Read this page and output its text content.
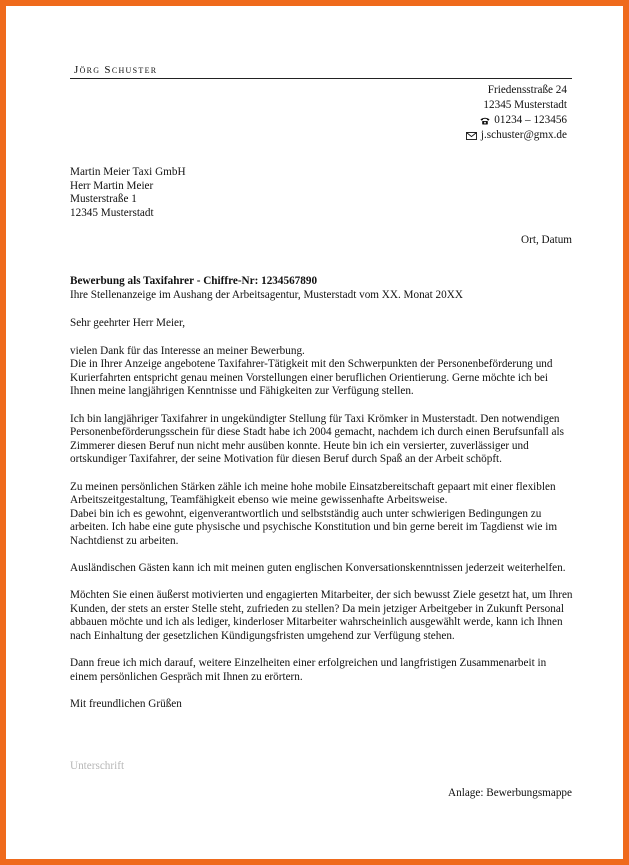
Jörg Schuster
Friedensstraße 24
12345 Musterstadt
01234 – 123456
j.schuster@gmx.de
Martin Meier Taxi GmbH
Herr Martin Meier
Musterstraße 1
12345 Musterstadt
Ort, Datum
Bewerbung als Taxifahrer - Chiffre-Nr: 1234567890
Ihre Stellenanzeige im Aushang der Arbeitsagentur, Musterstadt vom XX. Monat 20XX

Sehr geehrter Herr Meier,

vielen Dank für das Interesse an meiner Bewerbung.
Die in Ihrer Anzeige angebotene Taxifahrer-Tätigkeit mit den Schwerpunkten der Personenbeförderung und Kurierfahrten entspricht genau meinen Vorstellungen einer beruflichen Orientierung. Gerne möchte ich bei Ihnen meine langjährigen Kenntnisse und Fähigkeiten zur Verfügung stellen.

Ich bin langjähriger Taxifahrer in ungekündigter Stellung für Taxi Krömker in Musterstadt. Den notwendigen Personenbeförderungsschein für diese Stadt habe ich 2004 gemacht, nachdem ich durch einen Berufsunfall als Zimmerer diesen Beruf nun nicht mehr ausüben konnte. Heute bin ich ein versierter, zuverlässiger und ortskundiger Taxifahrer, der seine Motivation für diesen Beruf durch Spaß an der Arbeit schöpft.

Zu meinen persönlichen Stärken zähle ich meine hohe mobile Einsatzbereitschaft gepaart mit einer flexiblen Arbeitszeitgestaltung, Teamfähigkeit ebenso wie meine gewissenhafte Arbeitsweise.
Dabei bin ich es gewohnt, eigenverantwortlich und selbstständig auch unter schwierigen Bedingungen zu arbeiten. Ich habe eine gute physische und psychische Konstitution und bin gerne bereit im Tagdienst wie im Nachtdienst zu arbeiten.

Ausländischen Gästen kann ich mit meinen guten englischen Konversationskenntnissen jederzeit weiterhelfen.

Möchten Sie einen äußerst motivierten und engagierten Mitarbeiter, der sich bewusst Ziele gesetzt hat, um Ihren Kunden, der stets an erster Stelle steht, zufrieden zu stellen? Da mein jetziger Arbeitgeber in Zukunft Personal abbauen möchte und ich als lediger, kinderloser Mitarbeiter wahrscheinlich ausgewählt werde, kann ich Ihnen nach Einhaltung der gesetzlichen Kündigungsfristen umgehend zur Verfügung stehen.

Dann freue ich mich darauf, weitere Einzelheiten einer erfolgreichen und langfristigen Zusammenarbeit in einem persönlichen Gespräch mit Ihnen zu erörtern.

Mit freundlichen Grüßen

Unterschrift
Anlage: Bewerbungsmappe
